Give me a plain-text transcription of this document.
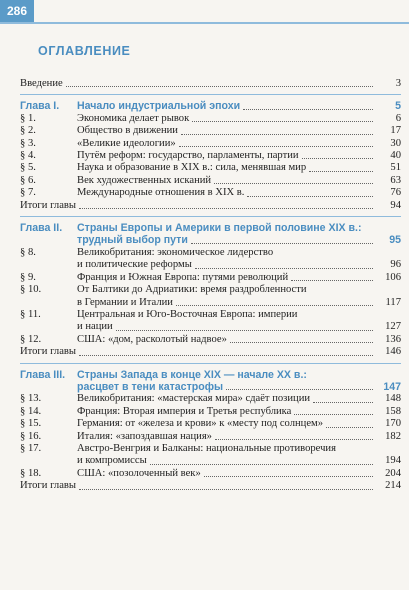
286
ОГЛАВЛЕНИЕ
Введение	3
Глава I. Начало индустриальной эпохи	5
§ 1.	Экономика делает рывок	6
§ 2.	Общество в движении	17
§ 3.	«Великие идеологии»	30
§ 4.	Путём реформ: государство, парламенты, партии	40
§ 5.	Наука и образование в XIX в.: сила, менявшая мир	51
§ 6.	Век художественных исканий	63
§ 7.	Международные отношения в XIX в.	76
Итоги главы	94
Глава II. Страны Европы и Америки в первой половине XIX в.:
трудный выбор пути	95
§ 8.	Великобритания: экономическое лидерство
и политические реформы	96
§ 9.	Франция и Южная Европа: путями революций	106
§ 10.	От Балтики до Адриатики: время раздробленности
в Германии и Италии	117
§ 11.	Центральная и Юго-Восточная Европа: империи
и нации	127
§ 12.	США: «дом, расколотый надвое»	136
Итоги главы	146
Глава III. Страны Запада в конце XIX — начале XX в.:
расцвет в тени катастрофы	147
§ 13.	Великобритания: «мастерская мира» сдаёт позиции	148
§ 14.	Франция: Вторая империя и Третья республика	158
§ 15.	Германия: от «железа и крови» к «месту под солнцем»	170
§ 16.	Италия: «запоздавшая нация»	182
§ 17.	Австро-Венгрия и Балканы: национальные противоречия
и компромиссы	194
§ 18.	США: «позолоченный век»	204
Итоги главы	214
